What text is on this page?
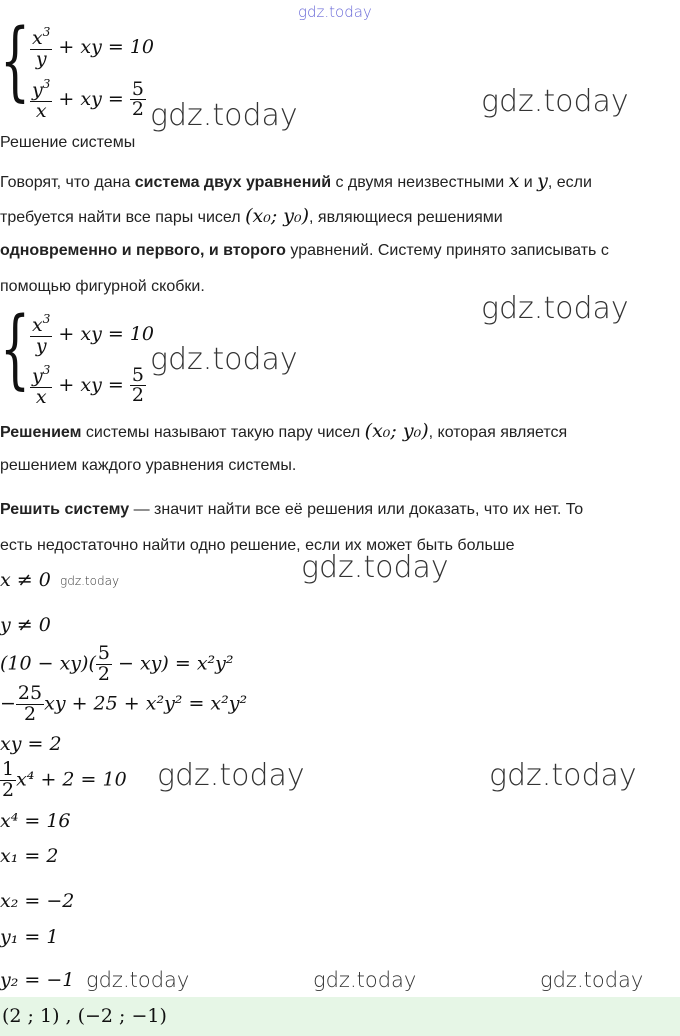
gdz.today
{ $\frac{x^3}{y}$ + xy = 10
$\frac{y^3}{x}$ + xy = $\frac{5}{2}$ gdz.today	gdz.today
Решение системы
Говорят, что дана система двух уравнений с двумя неизвестными x и y, если
требуется найти все пары чисел (x₀; y₀), являющиеся решениями
одновременно и первого, и второго уравнений. Систему принято записывать с
помощью фигурной скобки.
gdz.today
{ $\frac{x^3}{y}$ + xy = 10
$\frac{y^3}{x}$ + xy = $\frac{5}{2}$
gdz.today
Решением системы называют такую пару чисел (x₀; y₀), которая является
решением каждого уравнения системы.
Решить систему — значит найти все её решения или доказать, что их нет. То
есть недостаточно найти одно решение, если их может быть больше
gdz.today
x ≠ 0 gdz.today
y ≠ 0
$(10 - xy)( \frac{5}{2} - xy) = x^2y^2$
− $\frac{25}{2}$ xy + 25 + x²y² = x²y²
xy = 2
$\frac{1}{2} x^4 + 2 = 10$ gdz.today	gdz.today
x⁴ = 16
x₁ = 2
x₂ = −2
y₁ = 1
y₂ = −1 gdz.today	gdz.today	gdz.today
(2 ; 1) , (−2 ; −1)
